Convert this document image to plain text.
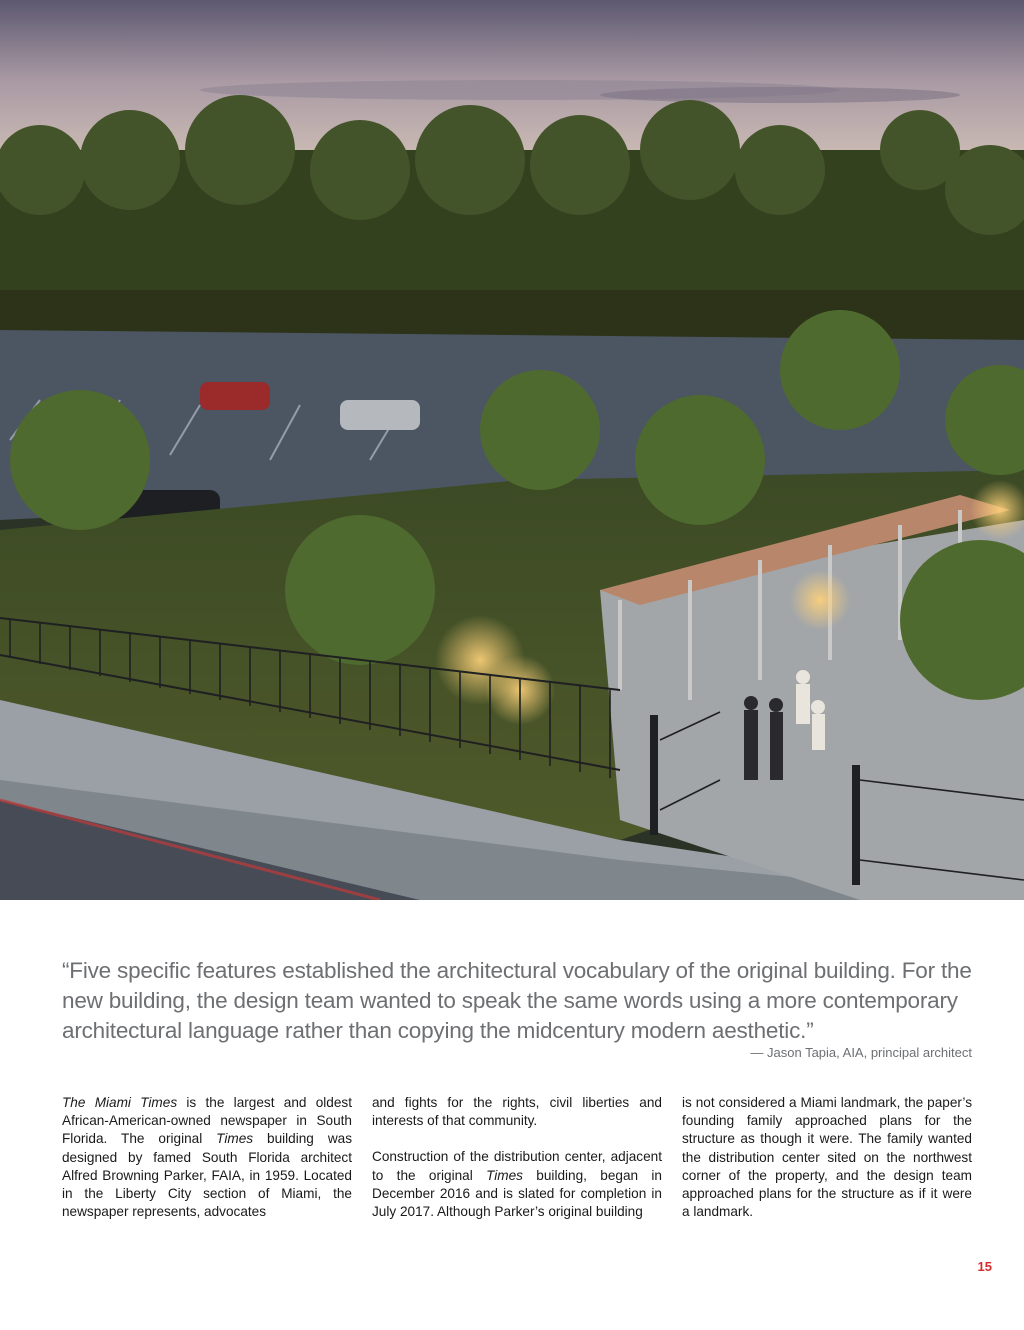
“Five specific features established the architectural vocabulary of the original building. For the new building, the design team wanted to speak the same words using a more contemporary architectural language rather than copying the midcentury modern aesthetic.”
— Jason Tapia, AIA, principal architect

The Miami Times is the largest and oldest African-American-owned newspaper in South Florida. The original Times building was designed by famed South Florida architect Alfred Browning Parker, FAIA, in 1959. Located in the Liberty City section of Miami, the newspaper represents, advocates

and fights for the rights, civil liberties and interests of that community.

Construction of the distribution center, adjacent to the original Times building, began in December 2016 and is slated for completion in July 2017. Although Parker’s original building

is not considered a Miami landmark, the paper’s founding family approached plans for the structure as though it were. The family wanted the distribution center sited on the northwest corner of the property, and the design team approached plans for the structure as if it were a landmark.

15
